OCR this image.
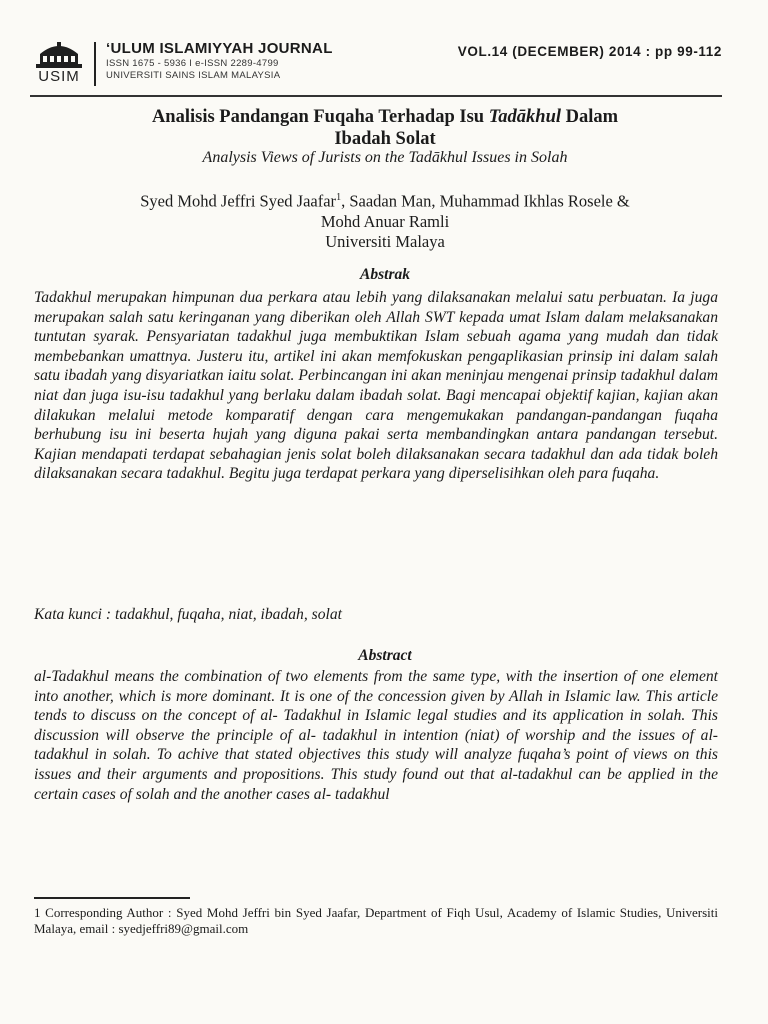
USIM
‘ULUM ISLAMIYYAH JOURNAL
ISSN 1675 - 5936 I e-ISSN 2289-4799
UNIVERSITI SAINS ISLAM MALAYSIA
VOL.14 (DECEMBER) 2014 : pp 99-112
Analisis Pandangan Fuqaha Terhadap Isu Tadākhul Dalam
Ibadah Solat
Analysis Views of Jurists on the Tadākhul Issues in Solah
Syed Mohd Jeffri Syed Jaafar$^1$, Saadan Man, Muhammad Ikhlas Rosele &
Mohd Anuar Ramli
Universiti Malaya
Abstrak
Tadakhul merupakan himpunan dua perkara atau lebih yang dilaksanakan melalui satu perbuatan. Ia juga merupakan salah satu keringanan yang diberikan oleh Allah SWT kepada umat Islam dalam melaksanakan tuntutan syarak. Pensyariatan tadakhul juga membuktikan Islam sebuah agama yang mudah dan tidak membebankan umattnya. Justeru itu, artikel ini akan memfokuskan pengaplikasian prinsip ini dalam salah satu ibadah yang disyariatkan iaitu solat. Perbincangan ini akan meninjau mengenai prinsip tadakhul dalam niat dan juga isu-isu tadakhul yang berlaku dalam ibadah solat. Bagi mencapai objektif kajian, kajian akan dilakukan melalui metode komparatif dengan cara mengemukakan pandangan-pandangan fuqaha berhubung isu ini beserta hujah yang diguna pakai serta membandingkan antara pandangan tersebut. Kajian mendapati terdapat sebahagian jenis solat boleh dilaksanakan secara tadakhul dan ada tidak boleh dilaksanakan secara tadakhul. Begitu juga terdapat perkara yang diperselisihkan oleh para fuqaha.
Kata kunci : tadakhul, fuqaha, niat, ibadah, solat
Abstract
al-Tadakhul means the combination of two elements from the same type, with the insertion of one element into another, which is more dominant. It is one of the concession given by Allah in Islamic law. This article tends to discuss on the concept of al- Tadakhul in Islamic legal studies and its application in solah. This discussion will observe the principle of al- tadakhul in intention (niat) of worship and the issues of al- tadakhul in solah. To achive that stated objectives this study will analyze fuqaha’s point of views on this issues and their arguments and propositions. This study found out that al-tadakhul can be applied in the certain cases of solah and the another cases al- tadakhul
1 Corresponding Author : Syed Mohd Jeffri bin Syed Jaafar, Department of Fiqh Usul, Academy of Islamic Studies, Universiti Malaya, email : syedjeffri89@gmail.com
